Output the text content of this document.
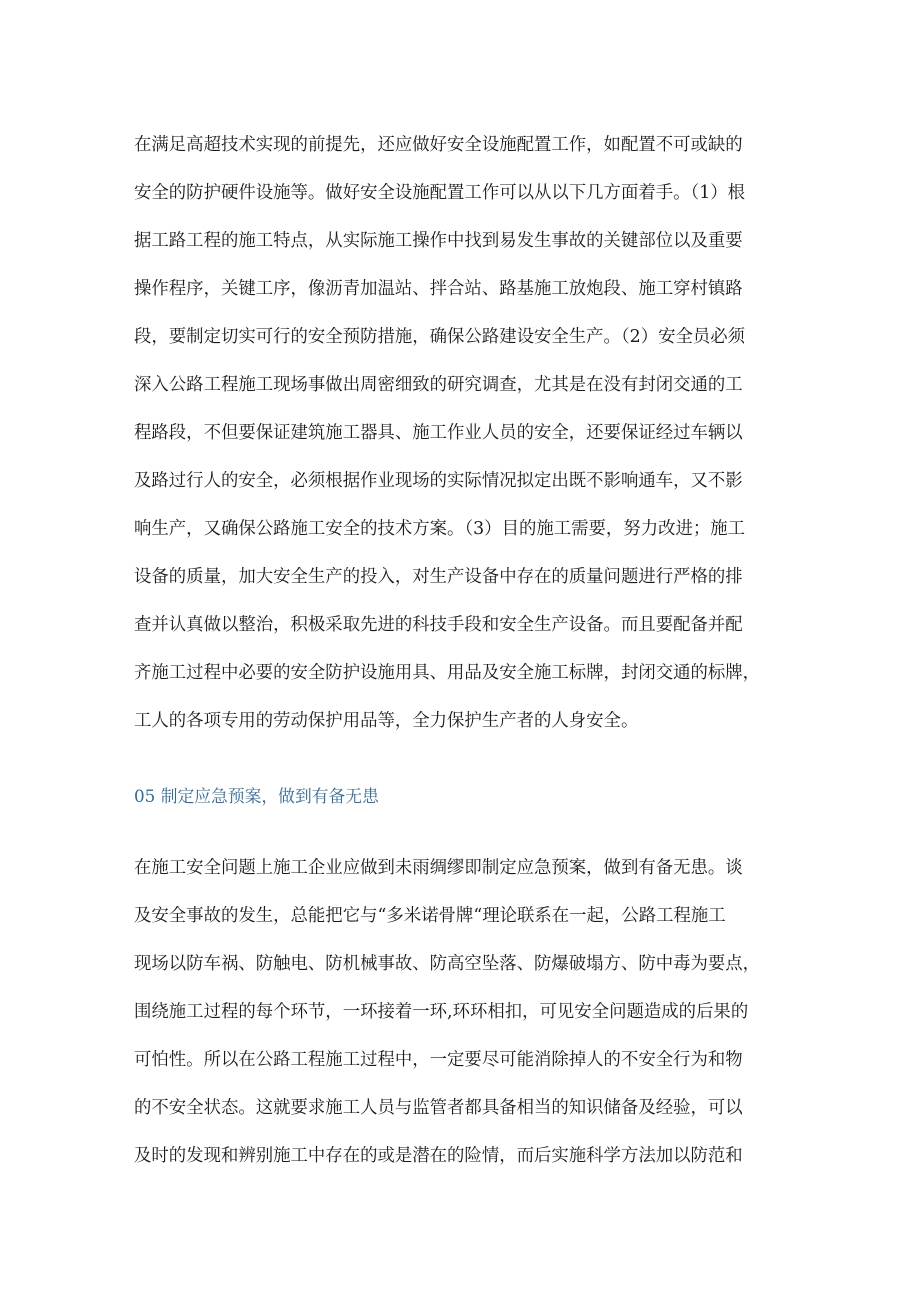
在满足高超技术实现的前提先，还应做好安全设施配置工作，如配置不可或缺的
安全的防护硬件设施等。做好安全设施配置工作可以从以下几方面着手。（1）根
据工路工程的施工特点，从实际施工操作中找到易发生事故的关键部位以及重要
操作程序，关键工序，像沥青加温站、拌合站、路基施工放炮段、施工穿村镇路
段，要制定切实可行的安全预防措施，确保公路建设安全生产。（2）安全员必须
深入公路工程施工现场事做出周密细致的研究调查，尤其是在没有封闭交通的工
程路段，不但要保证建筑施工器具、施工作业人员的安全，还要保证经过车辆以
及路过行人的安全，必须根据作业现场的实际情况拟定出既不影响通车，又不影
响生产，又确保公路施工安全的技术方案。（3）目的施工需要，努力改进；施工
设备的质量，加大安全生产的投入，对生产设备中存在的质量问题进行严格的排
查并认真做以整治，积极采取先进的科技手段和安全生产设备。而且要配备并配
齐施工过程中必要的安全防护设施用具、用品及安全施工标牌，封闭交通的标牌，
工人的各项专用的劳动保护用品等，全力保护生产者的人身安全。
05 制定应急预案，做到有备无患
在施工安全问题上施工企业应做到未雨绸缪即制定应急预案，做到有备无患。谈
及安全事故的发生，总能把它与“多米诺骨牌“理论联系在一起，公路工程施工
现场以防车祸、防触电、防机械事故、防高空坠落、防爆破塌方、防中毒为要点，
围绕施工过程的每个环节，一环接着一环,环环相扣，可见安全问题造成的后果的
可怕性。所以在公路工程施工过程中，一定要尽可能消除掉人的不安全行为和物
的不安全状态。这就要求施工人员与监管者都具备相当的知识储备及经验，可以
及时的发现和辨别施工中存在的或是潜在的险情，而后实施科学方法加以防范和
